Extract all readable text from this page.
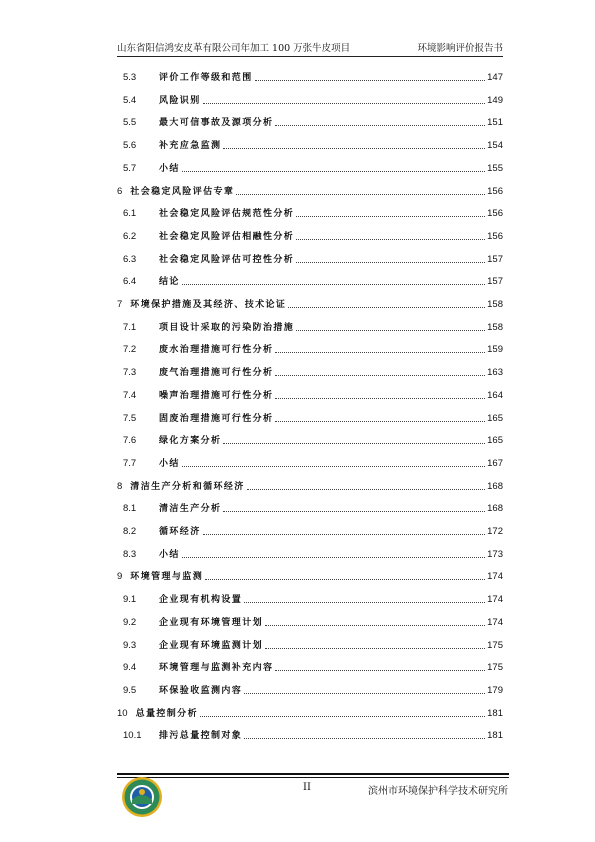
山东省阳信鸿安皮革有限公司年加工 100 万张牛皮项目	环境影响评价报告书
5.3	评价工作等级和范围	147
5.4	风险识别	149
5.5	最大可信事故及源项分析	151
5.6	补充应急监测	154
5.7	小结	155
6 社会稳定风险评估专章	156
6.1	社会稳定风险评估规范性分析	156
6.2	社会稳定风险评估相融性分析	156
6.3	社会稳定风险评估可控性分析	157
6.4	结论	157
7 环境保护措施及其经济、技术论证	158
7.1	项目设计采取的污染防治措施	158
7.2	废水治理措施可行性分析	159
7.3	废气治理措施可行性分析	163
7.4	噪声治理措施可行性分析	164
7.5	固废治理措施可行性分析	165
7.6	绿化方案分析	165
7.7	小结	167
8 清洁生产分析和循环经济	168
8.1	清洁生产分析	168
8.2	循环经济	172
8.3	小结	173
9 环境管理与监测	174
9.1	企业现有机构设置	174
9.2	企业现有环境管理计划	174
9.3	企业现有环境监测计划	175
9.4	环境管理与监测补充内容	175
9.5	环保验收监测内容	179
10 总量控制分析	181
10.1	排污总量控制对象	181
II	滨州市环境保护科学技术研究所
